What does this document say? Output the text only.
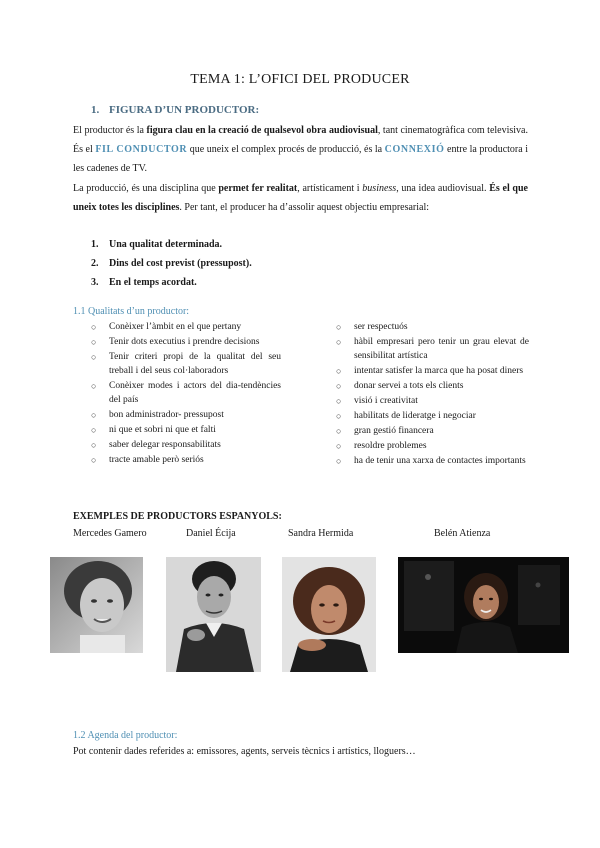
TEMA 1: L’OFICI DEL PRODUCER
1. FIGURA D’UN PRODUCTOR:
El productor és la figura clau en la creació de qualsevol obra audiovisual, tant cinematogràfica com televisiva. És el FIL CONDUCTOR que uneix el complex procés de producció, és la CONNEXIÓ entre la productora i les cadenes de TV.
La producció, és una disciplina que permet fer realitat, artísticament i business, una idea audiovisual. És el que uneix totes les disciplines. Per tant, el producer ha d’assolir aquest objectiu empresarial:
1. Una qualitat determinada.
2. Dins del cost previst (pressupost).
3. En el temps acordat.
1.1 Qualitats d’un productor:
○ Conèixer l’àmbit en el que pertany
○ Tenir dots executius i prendre decisions
○ Tenir criteri propi de la qualitat del seu treball i del seus col·laboradors
○ Conèixer modes i actors del dia-tendències del país
○ bon administrador- pressupost
○ ni que et sobri ni que et falti
○ saber delegar responsabilitats
○ tracte amable però seriós
○ ser respectuós
○ hàbil empresari pero tenir un grau elevat de sensibilitat artística
○ intentar satisfer la marca que ha posat diners
○ donar servei a tots els clients
○ visió i creativitat
○ habilitats de lideratge i negociar
○ gran gestió financera
○ resoldre problemes
○ ha de tenir una xarxa de contactes importants
EXEMPLES DE PRODUCTORS ESPANYOLS:
Mercedes Gamero	Daniel Écija	Sandra Hermida	Belén Atienza
1.2 Agenda del productor:
Pot contenir dades referides a: emissores, agents, serveis tècnics i artístics, lloguers…
